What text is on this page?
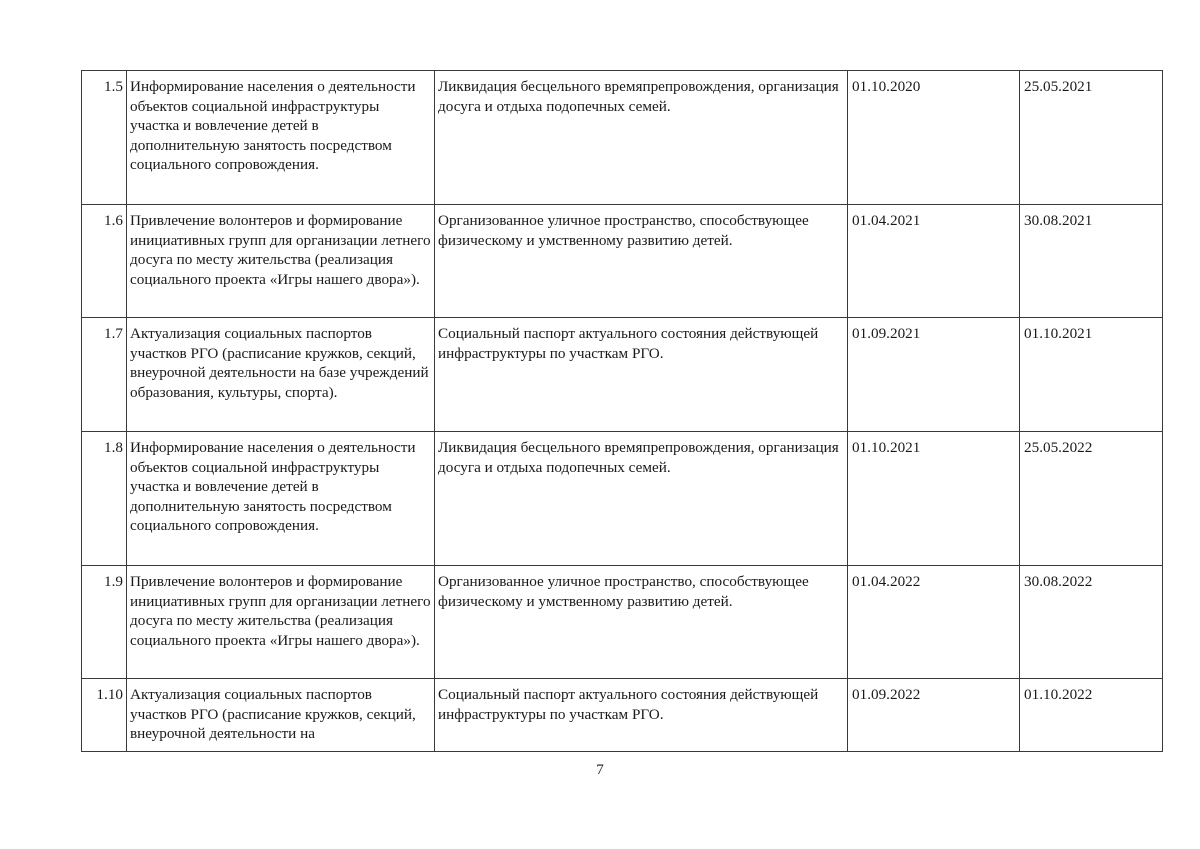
1.5	Информирование населения о деятельности объектов социальной инфраструктуры участка и вовлечение детей в дополнительную занятость посредством социального сопровождения.	Ликвидация бесцельного времяпрепровождения, организация досуга и отдыха подопечных семей.	01.10.2020	25.05.2021
1.6	Привлечение волонтеров и формирование инициативных групп для организации летнего досуга по месту жительства (реализация социального проекта «Игры нашего двора»).	Организованное уличное пространство, способствующее физическому и умственному развитию детей.	01.04.2021	30.08.2021
1.7	Актуализация социальных паспортов участков РГО (расписание кружков, секций, внеурочной деятельности на базе учреждений образования, культуры, спорта).	Социальный паспорт актуального состояния действующей инфраструктуры по участкам РГО.	01.09.2021	01.10.2021
1.8	Информирование населения о деятельности объектов социальной инфраструктуры участка и вовлечение детей в дополнительную занятость посредством социального сопровождения.	Ликвидация бесцельного времяпрепровождения, организация досуга и отдыха подопечных семей.	01.10.2021	25.05.2022
1.9	Привлечение волонтеров и формирование инициативных групп для организации летнего досуга по месту жительства (реализация социального проекта «Игры нашего двора»).	Организованное уличное пространство, способствующее физическому и умственному развитию детей.	01.04.2022	30.08.2022
1.10	Актуализация социальных паспортов участков РГО (расписание кружков, секций, внеурочной деятельности на	Социальный паспорт актуального состояния действующей инфраструктуры по участкам РГО.	01.09.2022	01.10.2022
7
